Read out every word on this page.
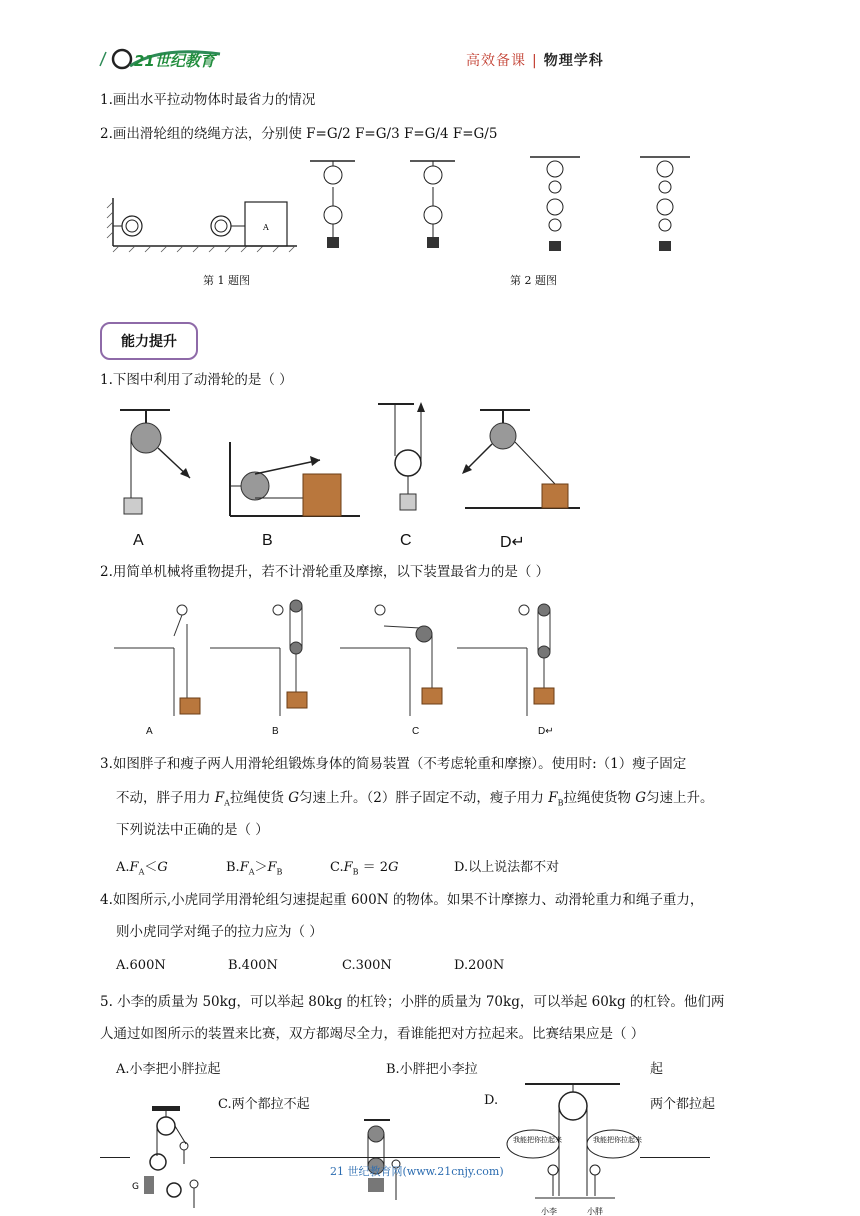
21世纪教育	高效备课 | 物理学科
1.画出水平拉动物体时最省力的情况
2.画出滑轮组的绕绳方法，分别使 F=G/2 F=G/3 F=G/4 F=G/5
A
第 1 题图	第 2 题图
能力提升
1.下图中利用了动滑轮的是（ ）
A	B	C	D↵
2.用简单机械将重物提升，若不计滑轮重及摩擦，以下装置最省力的是（ ）
A	B	C	D↵
3.如图胖子和瘦子两人用滑轮组锻炼身体的简易装置（不考虑轮重和摩擦）。使用时:（1）瘦子固定
不动，胖子用力 $F_A$拉绳使货 G匀速上升。（2）胖子固定不动，瘦子用力 $F_B$拉绳使货物 G匀速上升。
下列说法中正确的是（ ）
$A.F_A<G$	$B.F_A>F_B$	$C.F_B = 2G$	D.以上说法都不对
4.如图所示,小虎同学用滑轮组匀速提起重 600N 的物体。如果不计摩擦力、动滑轮重力和绳子重力，
则小虎同学对绳子的拉力应为（ ）
A.600N	B.400N	C.300N	D.200N
5. 小李的质量为 50kg，可以举起 80kg 的杠铃；小胖的质量为 70kg，可以举起 60kg 的杠铃。他们两
人通过如图所示的装置来比赛，双方都竭尽全力，看谁能把对方拉起来。比赛结果应是（ ）
A.小李把小胖拉起	B.小胖把小李拉	起
C.两个都拉不起	D.	两个都拉起
G
我能把你拉起来	我能把你拉起来
小李	小胖
21 世纪教育网(www.21cnjy.com)
